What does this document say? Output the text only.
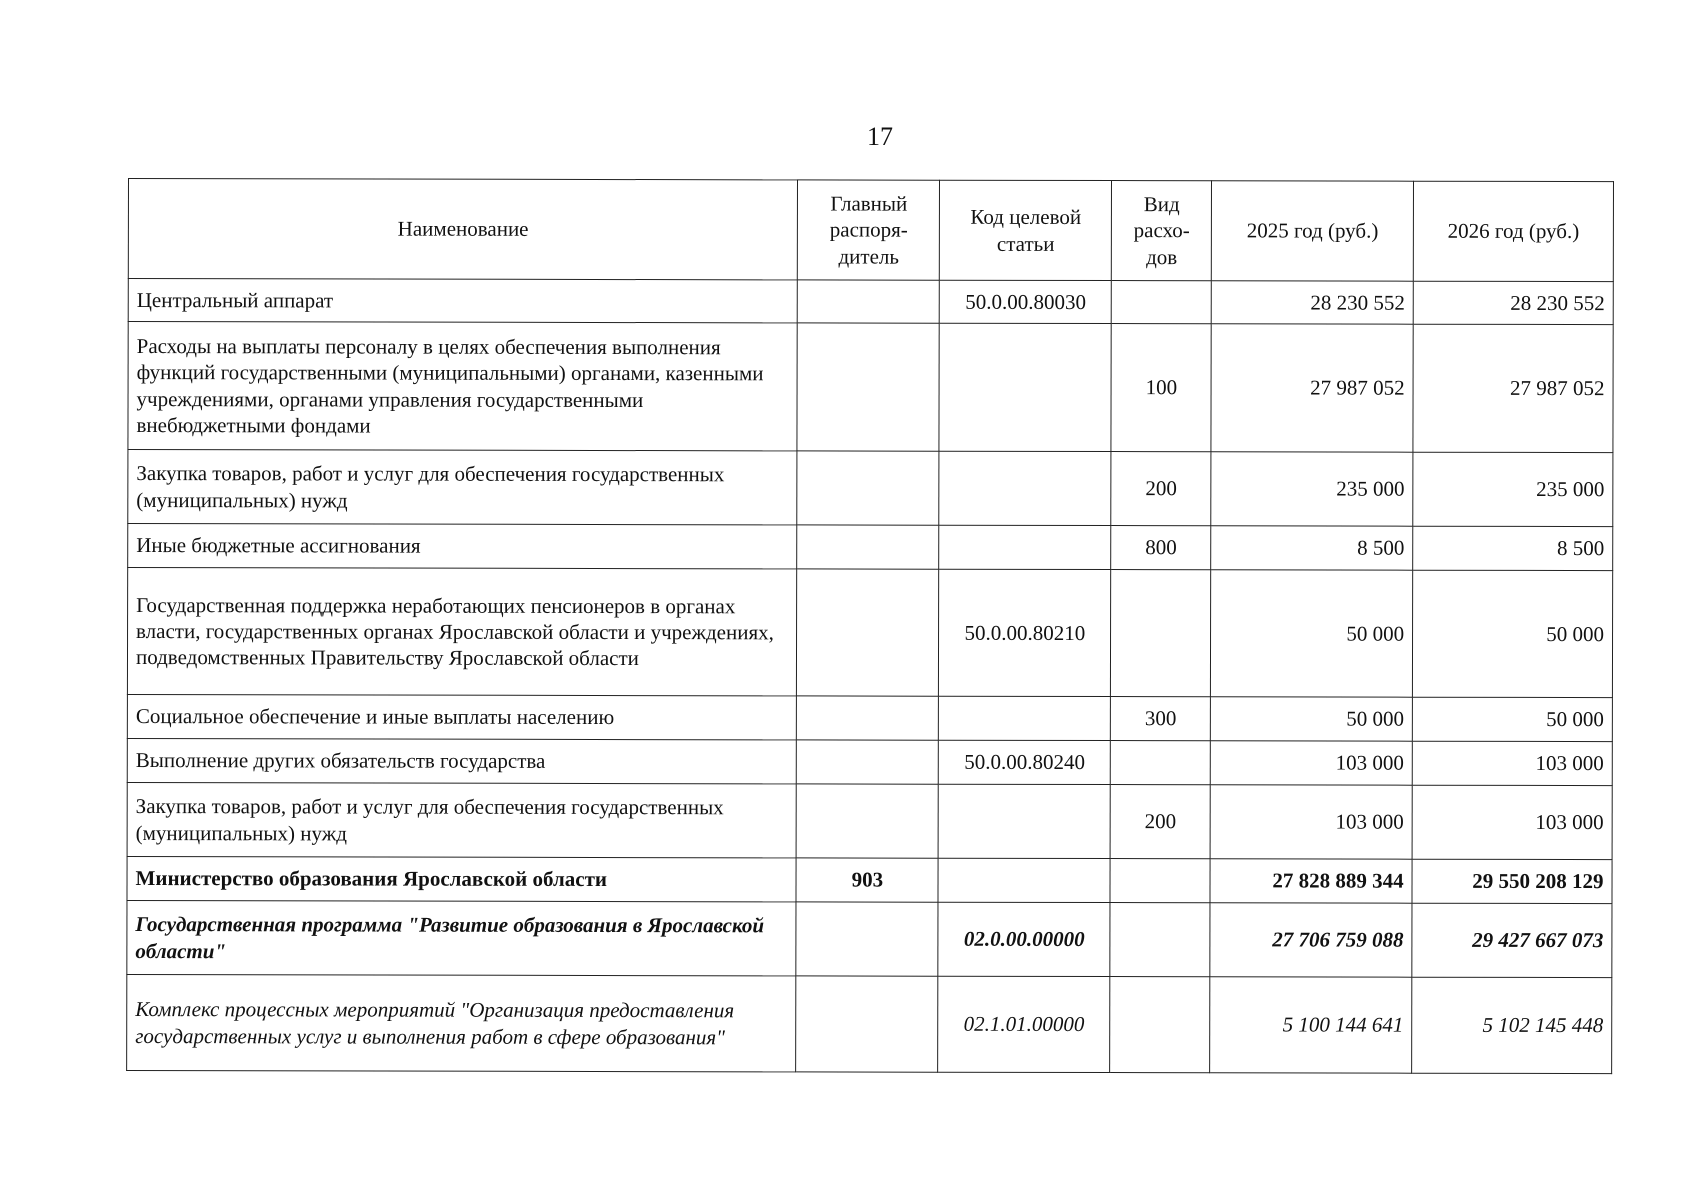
17
Наименование	Главный распоря-дитель	Код целевой статьи	Вид расхо-дов	2025 год (руб.)	2026 год (руб.)
Центральный аппарат		50.0.00.80030		28 230 552	28 230 552
Расходы на выплаты персоналу в целях обеспечения выполнения функций государственными (муниципальными) органами, казенными учреждениями, органами управления государственными внебюджетными фондами			100	27 987 052	27 987 052
Закупка товаров, работ и услуг для обеспечения государственных (муниципальных) нужд			200	235 000	235 000
Иные бюджетные ассигнования			800	8 500	8 500
Государственная поддержка неработающих пенсионеров в органах власти, государственных органах Ярославской области и учреждениях, подведомственных Правительству Ярославской области		50.0.00.80210		50 000	50 000
Социальное обеспечение и иные выплаты населению			300	50 000	50 000
Выполнение других обязательств государства		50.0.00.80240		103 000	103 000
Закупка товаров, работ и услуг для обеспечения государственных (муниципальных) нужд			200	103 000	103 000
Министерство образования Ярославской области	903			27 828 889 344	29 550 208 129
Государственная программа "Развитие образования в Ярославской области"		02.0.00.00000		27 706 759 088	29 427 667 073
Комплекс процессных мероприятий "Организация предоставления государственных услуг и выполнения работ в сфере образования"		02.1.01.00000		5 100 144 641	5 102 145 448
